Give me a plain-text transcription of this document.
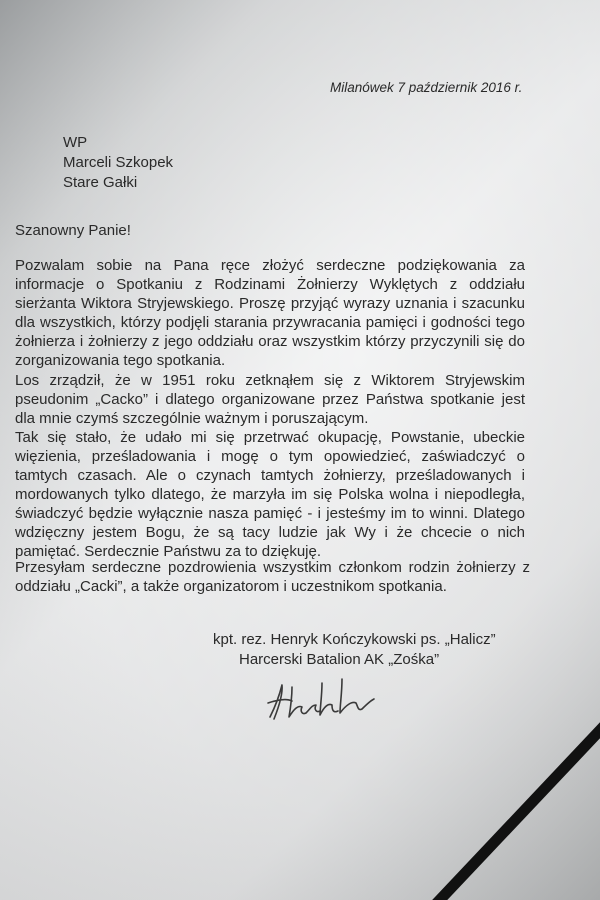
Milanówek 7 październik 2016 r.
WP
Marceli Szkopek
Stare Gałki
Szanowny Panie!

Pozwalam sobie na Pana ręce złożyć serdeczne podziękowania za informacje o Spotkaniu z Rodzinami Żołnierzy Wyklętych z oddziału sierżanta Wiktora Stryjewskiego. Proszę przyjąć wyrazy uznania i szacunku dla wszystkich, którzy podjęli starania przywracania pamięci i godności tego żołnierza i żołnierzy z jego oddziału oraz wszystkim którzy przyczynili się do zorganizowania tego spotkania.

Los zrządził, że w 1951 roku zetknąłem się z Wiktorem Stryjewskim pseudonim „Cacko” i dlatego organizowane przez Państwa spotkanie jest dla mnie czymś szczególnie ważnym i poruszającym.

Tak się stało, że udało mi się przetrwać okupację, Powstanie, ubeckie więzienia, prześladowania i mogę o tym opowiedzieć, zaświadczyć o tamtych czasach. Ale o czynach tamtych żołnierzy, prześladowanych i mordowanych tylko dlatego, że marzyła im się Polska wolna i niepodległa, świadczyć będzie wyłącznie nasza pamięć - i jesteśmy im to winni. Dlatego wdzięczny jestem Bogu, że są tacy ludzie jak Wy i że chcecie o nich pamiętać. Serdecznie Państwu za to dziękuję.

Przesyłam serdeczne pozdrowienia wszystkim członkom rodzin żołnierzy z oddziału „Cacki”, a także organizatorom i uczestnikom spotkania.
kpt. rez. Henryk Kończykowski ps. „Halicz”
Harcerski Batalion AK „Zośka”
